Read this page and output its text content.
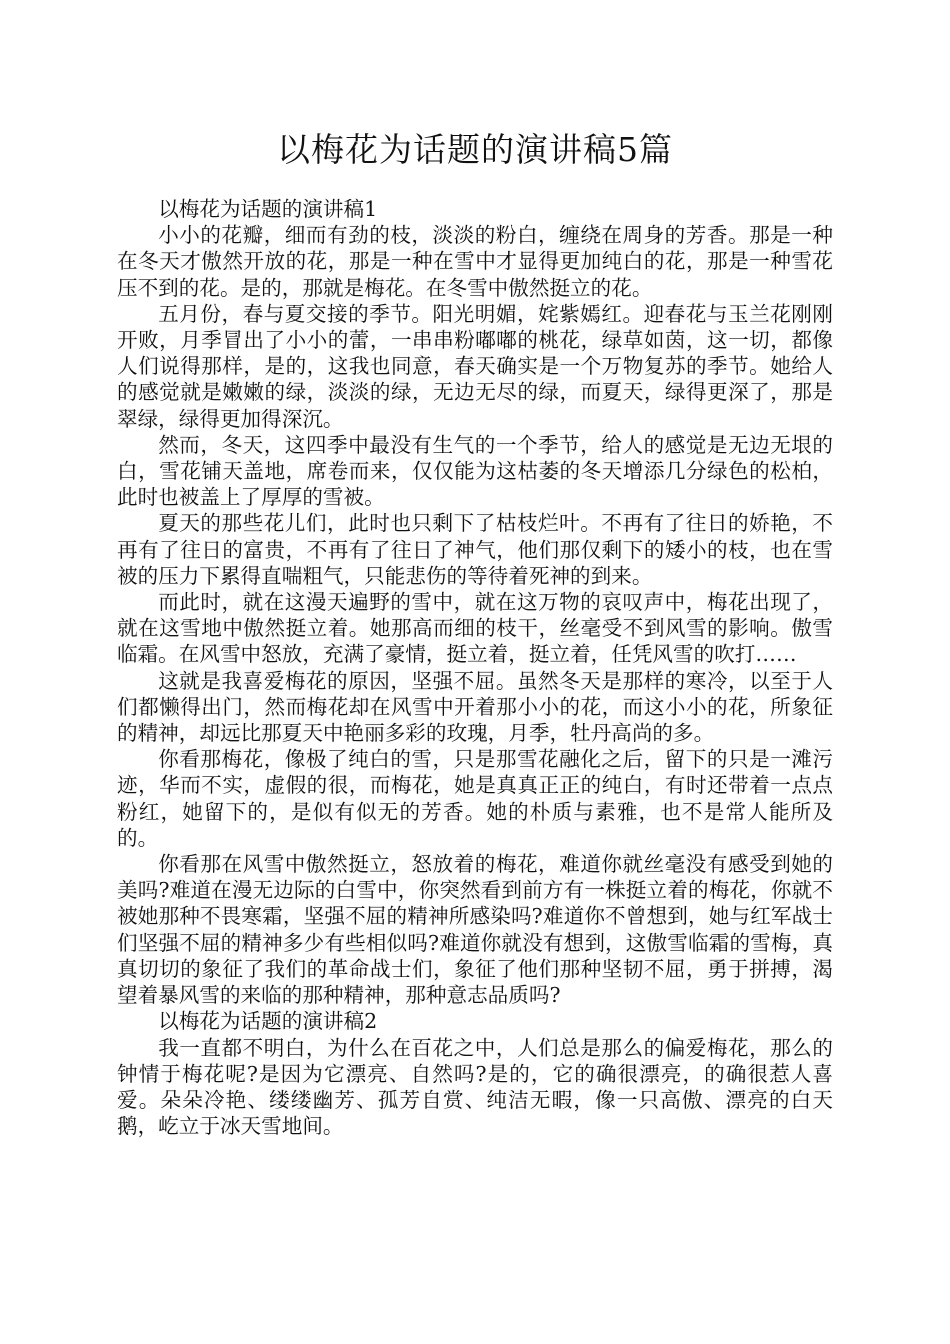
以梅花为话题的演讲稿5篇

以梅花为话题的演讲稿1

小小的花瓣，细而有劲的枝，淡淡的粉白，缠绕在周身的芳香。那是一种在冬天才傲然开放的花，那是一种在雪中才显得更加纯白的花，那是一种雪花压不到的花。是的，那就是梅花。在冬雪中傲然挺立的花。

五月份，春与夏交接的季节。阳光明媚，姹紫嫣红。迎春花与玉兰花刚刚开败，月季冒出了小小的蕾，一串串粉嘟嘟的桃花，绿草如茵，这一切，都像人们说得那样，是的，这我也同意，春天确实是一个万物复苏的季节。她给人的感觉就是嫩嫩的绿，淡淡的绿，无边无尽的绿，而夏天，绿得更深了，那是翠绿，绿得更加得深沉。

然而，冬天，这四季中最没有生气的一个季节，给人的感觉是无边无垠的白，雪花铺天盖地，席卷而来，仅仅能为这枯萎的冬天增添几分绿色的松柏，此时也被盖上了厚厚的雪被。

夏天的那些花儿们，此时也只剩下了枯枝烂叶。不再有了往日的娇艳，不再有了往日的富贵，不再有了往日了神气，他们那仅剩下的矮小的枝，也在雪被的压力下累得直喘粗气，只能悲伤的等待着死神的到来。

而此时，就在这漫天遍野的雪中，就在这万物的哀叹声中，梅花出现了，就在这雪地中傲然挺立着。她那高而细的枝干，丝毫受不到风雪的影响。傲雪临霜。在风雪中怒放，充满了豪情，挺立着，挺立着，任凭风雪的吹打……

这就是我喜爱梅花的原因，坚强不屈。虽然冬天是那样的寒冷，以至于人们都懒得出门，然而梅花却在风雪中开着那小小的花，而这小小的花，所象征的精神，却远比那夏天中艳丽多彩的玫瑰，月季，牡丹高尚的多。

你看那梅花，像极了纯白的雪，只是那雪花融化之后，留下的只是一滩污迹，华而不实，虚假的很，而梅花，她是真真正正的纯白，有时还带着一点点粉红，她留下的，是似有似无的芳香。她的朴质与素雅，也不是常人能所及的。

你看那在风雪中傲然挺立，怒放着的梅花，难道你就丝毫没有感受到她的美吗?难道在漫无边际的白雪中，你突然看到前方有一株挺立着的梅花，你就不被她那种不畏寒霜，坚强不屈的精神所感染吗?难道你不曾想到，她与红军战士们坚强不屈的精神多少有些相似吗?难道你就没有想到，这傲雪临霜的雪梅，真真切切的象征了我们的革命战士们，象征了他们那种坚韧不屈，勇于拼搏，渴望着暴风雪的来临的那种精神，那种意志品质吗?

以梅花为话题的演讲稿2

我一直都不明白，为什么在百花之中，人们总是那么的偏爱梅花，那么的钟情于梅花呢?是因为它漂亮、自然吗?是的，它的确很漂亮，的确很惹人喜爱。朵朵冷艳、缕缕幽芳、孤芳自赏、纯洁无暇，像一只高傲、漂亮的白天鹅，屹立于冰天雪地间。
